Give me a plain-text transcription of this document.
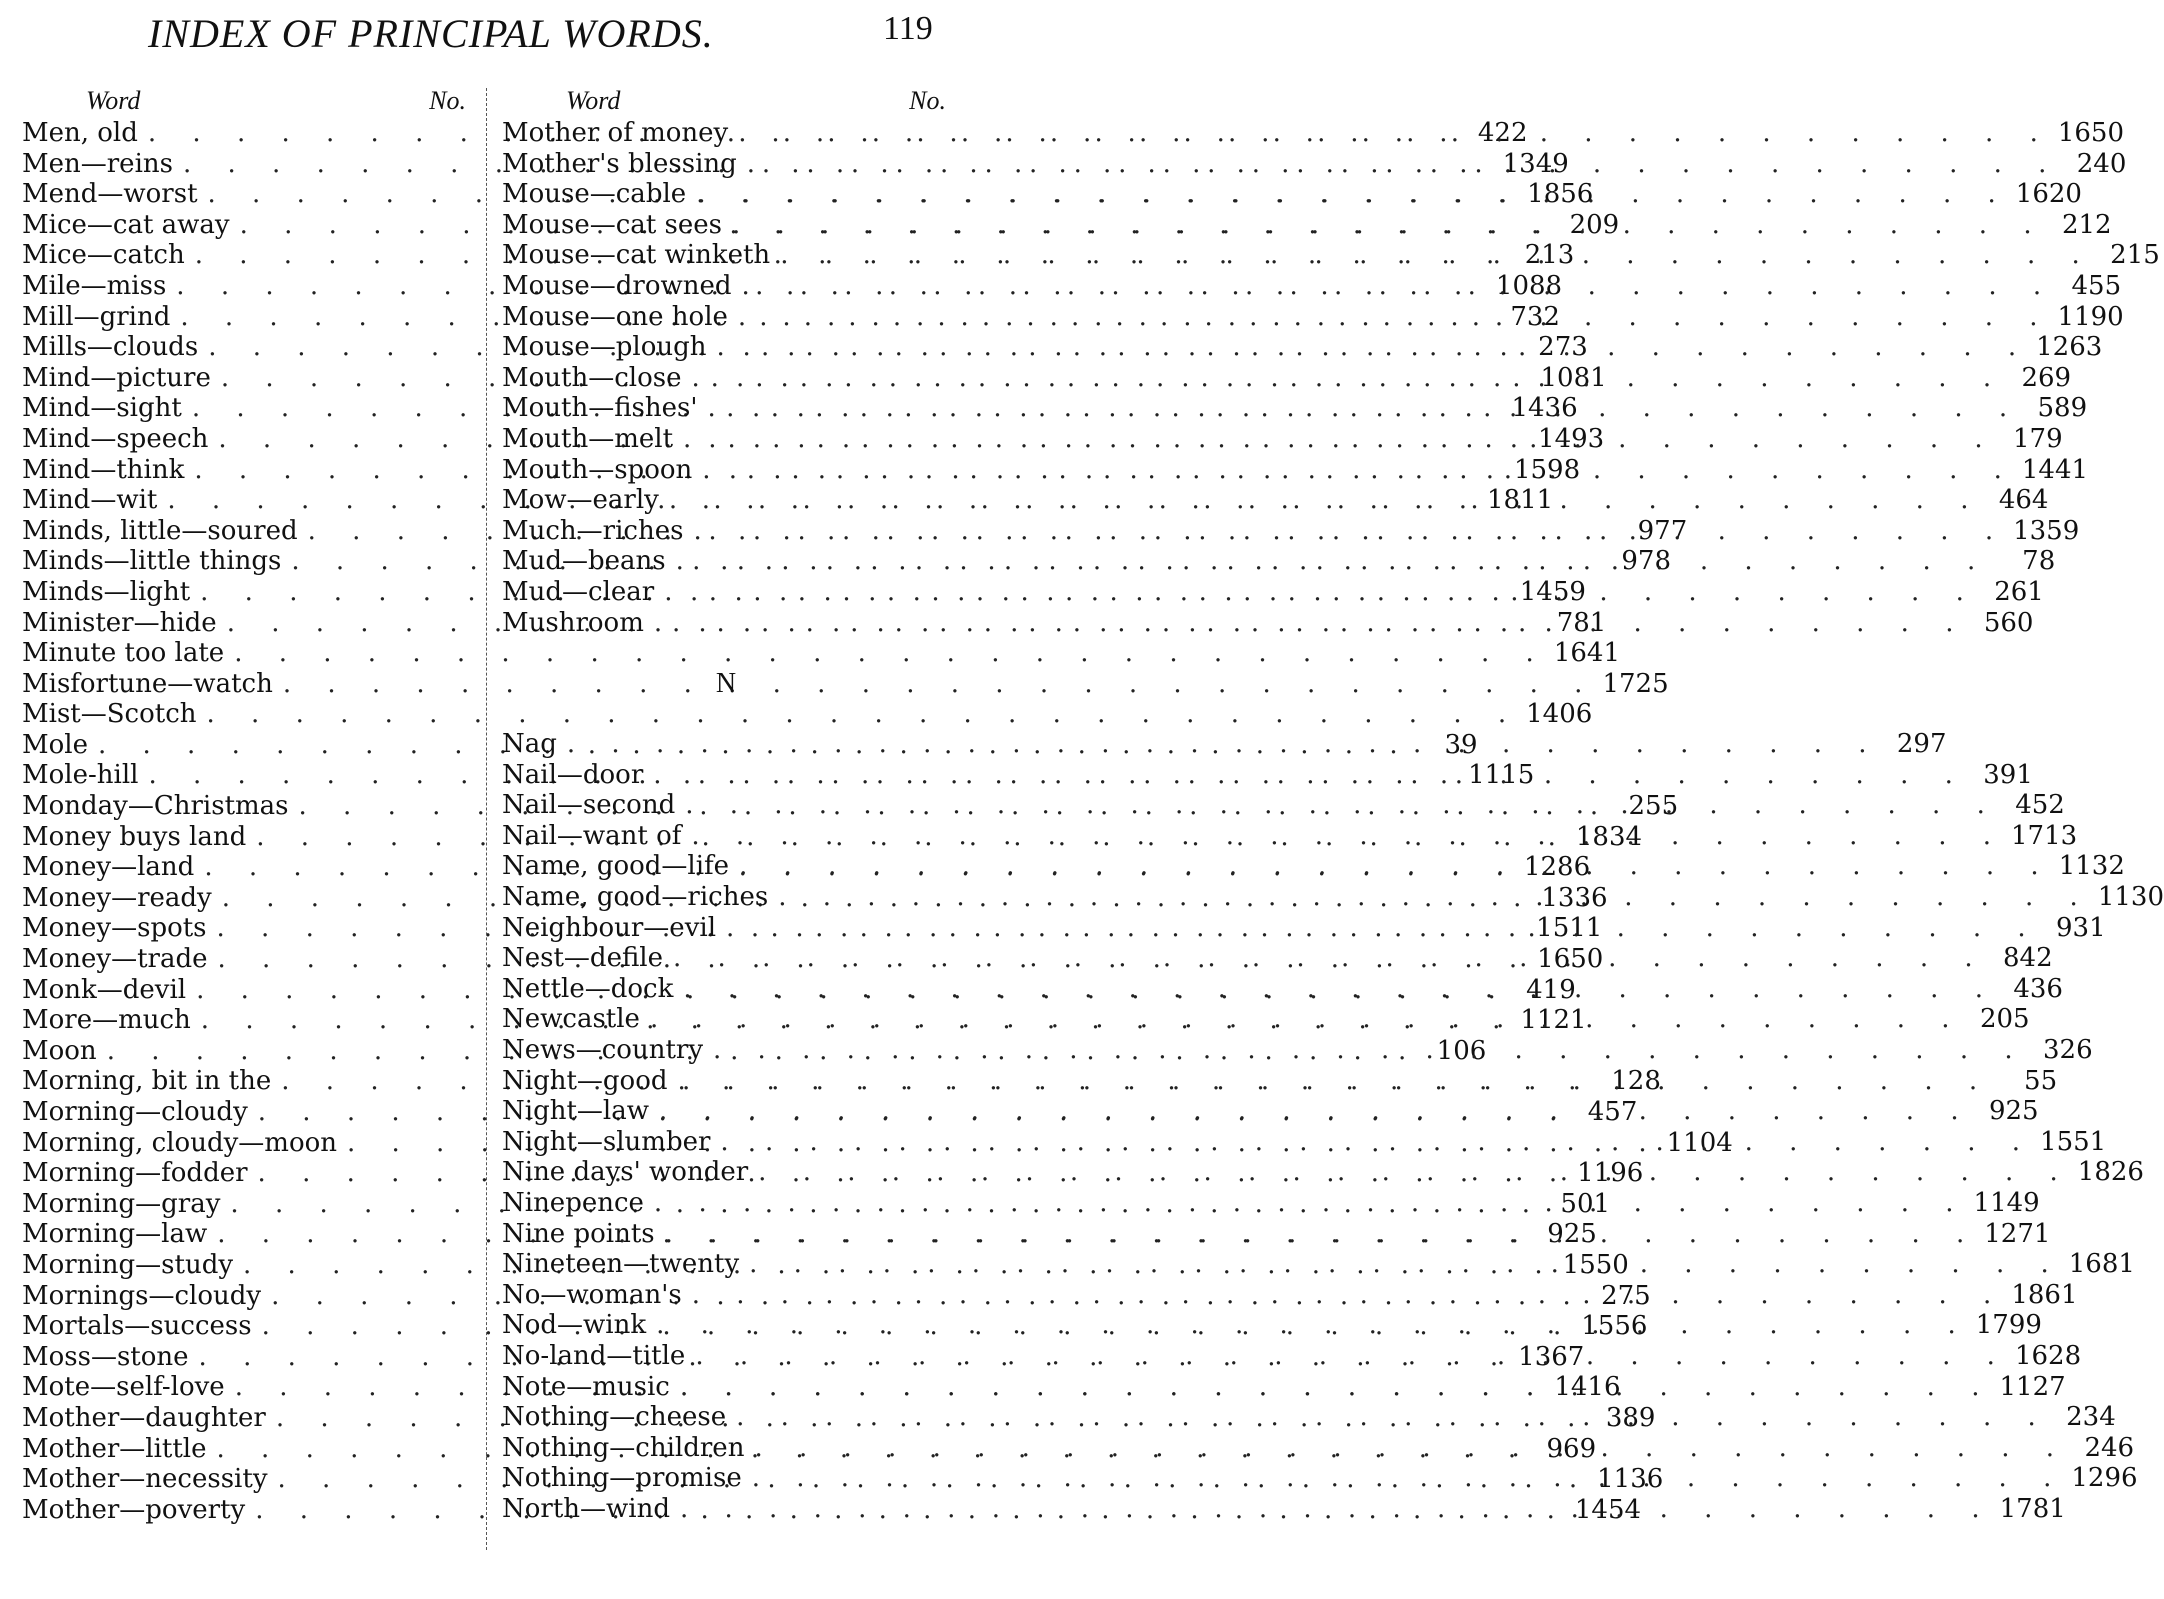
INDEX OF PRINCIPAL WORDS.	119
Word	No.
Men, old . . .	422
Men—reins . . .	1349
Mend—worst . . .	1856
Mice—cat away . . .	209
Mice—catch . . .	213
Mile—miss . . .	1088
Mill—grind . . .	732
Mills—clouds . . .	273
Mind—picture . . .	1081
Mind—sight . . .	1436
Mind—speech . . .	1493
Mind—think . . .	1598
Mind—wit . . .	1811
Minds, little—soured . . .	977
Minds—little things . . .	978
Minds—light . . .	1459
Minister—hide . . .	781
Minute too late . . .	1641
Misfortune—watch . . .	1725
Mist—Scotch . . .	1406
Mole . . .	39
Mole-hill . . .	1115
Monday—Christmas . . .	255
Money buys land . . .	1834
Money—land . . .	1286
Money—ready . . .	1336
Money—spots . . .	1511
Money—trade . . .	1650
Monk—devil . . .	419
More—much . . .	1121
Moon . . .	106
Morning, bit in the . . .	128
Morning—cloudy . . .	457
Morning, cloudy—moon . . .	1104
Morning—fodder . . .	1196
Morning—gray . . .	501
Morning—law . . .	925
Morning—study . . .	1550
Mornings—cloudy . . .	275
Mortals—success . . .	1556
Moss—stone . . .	1367
Mote—self-love . . .	1416
Mother—daughter . . .	389
Mother—little . . .	969
Mother—necessity . . .	1136
Mother—poverty . . .	1454
Word	No.
Mother of money . . .	1650
Mother's blessing . . .	240
Mouse—cable . . .	1620
Mouse—cat sees . . .	212
Mouse—cat winketh . . .	215
Mouse—drowned . . .	455
Mouse—one hole . . .	1190
Mouse—plough . . .	1263
Mouth—close . . .	269
Mouth—fishes' . . .	589
Mouth—melt . . .	179
Mouth—spoon . . .	1441
Mow—early . . .	464
Much—riches . . .	1359
Mud—beans . . .	78
Mud—clear . . .	261
Mushroom . . .	560
N
Nag . . .	297
Nail—door . . .	391
Nail—second . . .	452
Nail—want of . . .	1713
Name, good—life . . .	1132
Name, good—riches . . .	1130
Neighbour—evil . . .	931
Nest—defile . . .	842
Nettle—dock . . .	436
Newcastle . . .	205
News—country . . .	326
Night—good . . .	55
Night—law . . .	925
Night—slumber . . .	1551
Nine days' wonder . . .	1826
Ninepence . . .	1149
Nine points . . .	1271
Nineteen—twenty . . .	1681
No—woman's . . .	1861
Nod—wink . . .	1799
No-land—title . . .	1628
Note—music . . .	1127
Nothing—cheese . . .	234
Nothing—children . . .	246
Nothing—promise . . .	1296
North—wind . . .	1781
